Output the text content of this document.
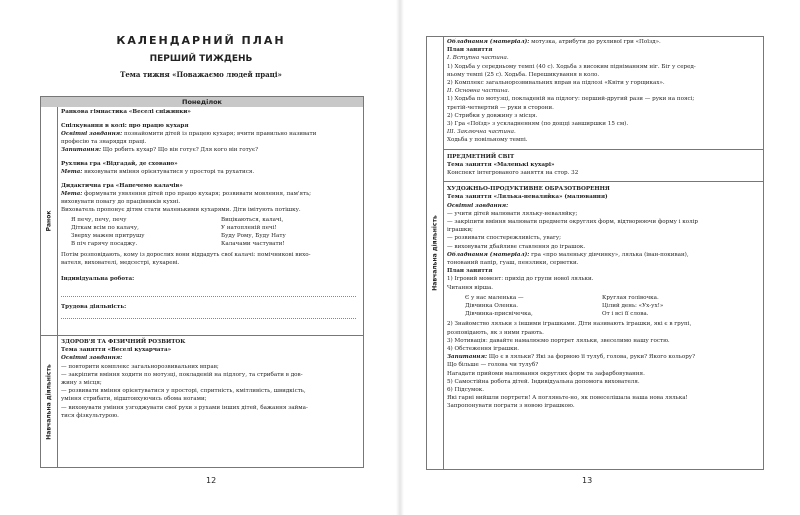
КАЛЕНДАРНИЙ ПЛАН
ПЕРШИЙ ТИЖДЕНЬ
Тема тижня «Поважаємо людей праці»
Понеділок
Ранок
Навчальна діяльність
Ранкова гімнастика «Веселі сніжинки»
Спілкування в колі: про працю кухаря
Освітні завдання: познайомити дітей із працею кухаря; вчити правильно називати
професію та знаряддя праці.
Запитання: Що робить кухар? Що він готує? Для кого він готує?
Рухлива гра «Відгадай, де сховано»
Мета: виховувати вміння орієнтуватися у просторі та рухатися.
Дидактична гра «Напечемо калачів»
Мета: формувати уявлення дітей про працю кухаря; розвивати мовлення, пам'ять;
виховувати повагу до працівників кухні.
Вихователь пропонує дітям стати маленькими кухарями. Діти імітують потішку.
Я печу, печу, печу
Діткам всім по калачу,
Зверху мажем притрушу
В піч гарячу посаджу.
Вицікаються, калачі,
У натопленій печі!
Буду Рому, Буду Нату
Калачами частувати!
Потім розповідають, кому із дорослих вони віддадуть свої калачі: помічникові вихо-
вателя, вихователі, медсестрі, кухареві.
Індивідуальна робота:
Трудова діяльність:
ЗДОРОВ'Я ТА ФІЗИЧНИЙ РОЗВИТОК
Тема заняття «Веселі кухарчата»
Освітні завдання:
— повторити комплекс загальнорозвивальних вправ;
— закріпити вміння ходити по мотузці, покладеній на підлогу, та стрибати в дов-
жину з місця;
— розвивати вміння орієнтуватися у просторі, спритність, кмітливість, швидкість,
уміння стрибати, відштовхуючись обома ногами;
— виховувати уміння узгоджувати свої рухи з рухами інших дітей, бажання займа-
тися фізкультурою.
12
Навчальна діяльність
Обладнання (матеріал): мотузка, атрибути до рухливої гри «Поїзд».
План заняття
I. Вступна частина.
1) Ходьба у середньому темпі (40 с). Ходьба з високим підніманням ніг. Біг у серед-
ньому темпі (25 с). Ходьба. Перешикування в коло.
2) Комплекс загальнорозвивальних вправ на підлозі «Квіти у горщиках».
II. Основна частина.
1) Ходьба по мотузці, покладеній на підлогу: перший-другий рази — руки на поясі;
третій-четвертий — руки в сторони.
2) Стрибки у довжину з місця.
3) Гра «Поїзд» з ускладненням (по дощці завширшки 15 см).
III. Заключна частина.
Ходьба у повільному темпі.
ПРЕДМЕТНИЙ СВІТ
Тема заняття «Маленькі кухарі»
Конспект інтегрованого заняття на стор. 32
ХУДОЖНЬО-ПРОДУКТИВНЕ ОБРАЗОТВОРЕННЯ
Тема заняття «Лялька-неваляйка» (малювання)
Освітні завдання:
— учити дітей малювати ляльку-неваляйку;
— закріпити вміння малювати предмети округлих форм, відтворюючи форму і колір
іграшки;
— розвивати спостережливість, увагу;
— виховувати дбайливе ставлення до іграшок.
Обладнання (матеріал): гра «про маленьку дівчинку», лялька (іван-покиван),
тонований папір, гуаш, пензлики, серветки.
План заняття
1) Ігровий момент: прихід до групи нової ляльки.
Читання вірша.
Є у нас маленька —
Дівчинка Оленка.
Дівчинка-присвічечка,
Круглая голівочка.
Цілий день: «Ух-ух!»
От і всі її слова.
2) Знайомство ляльки з іншими іграшками. Діти називають іграшки, які є в групі,
розповідають, як з ними грають.
3) Мотивація: давайте намалюємо портрет ляльки, звеселимо нашу гостю.
4) Обстеження іграшки.
Запитання: Що є в ляльки? Які за формою її тулуб, голова, руки? Якого кольору?
Що більше — голова чи тулуб?
Нагадати прийоми малювання округлих форм та зафарбовування.
5) Самостійна робота дітей. Індивідуальна допомога вихователя.
6) Підсумок.
Які гарні вийшли портрети! А погляньте-но, як повеселішала наша нова лялька!
Запропонувати пограти з новою іграшкою.
13
